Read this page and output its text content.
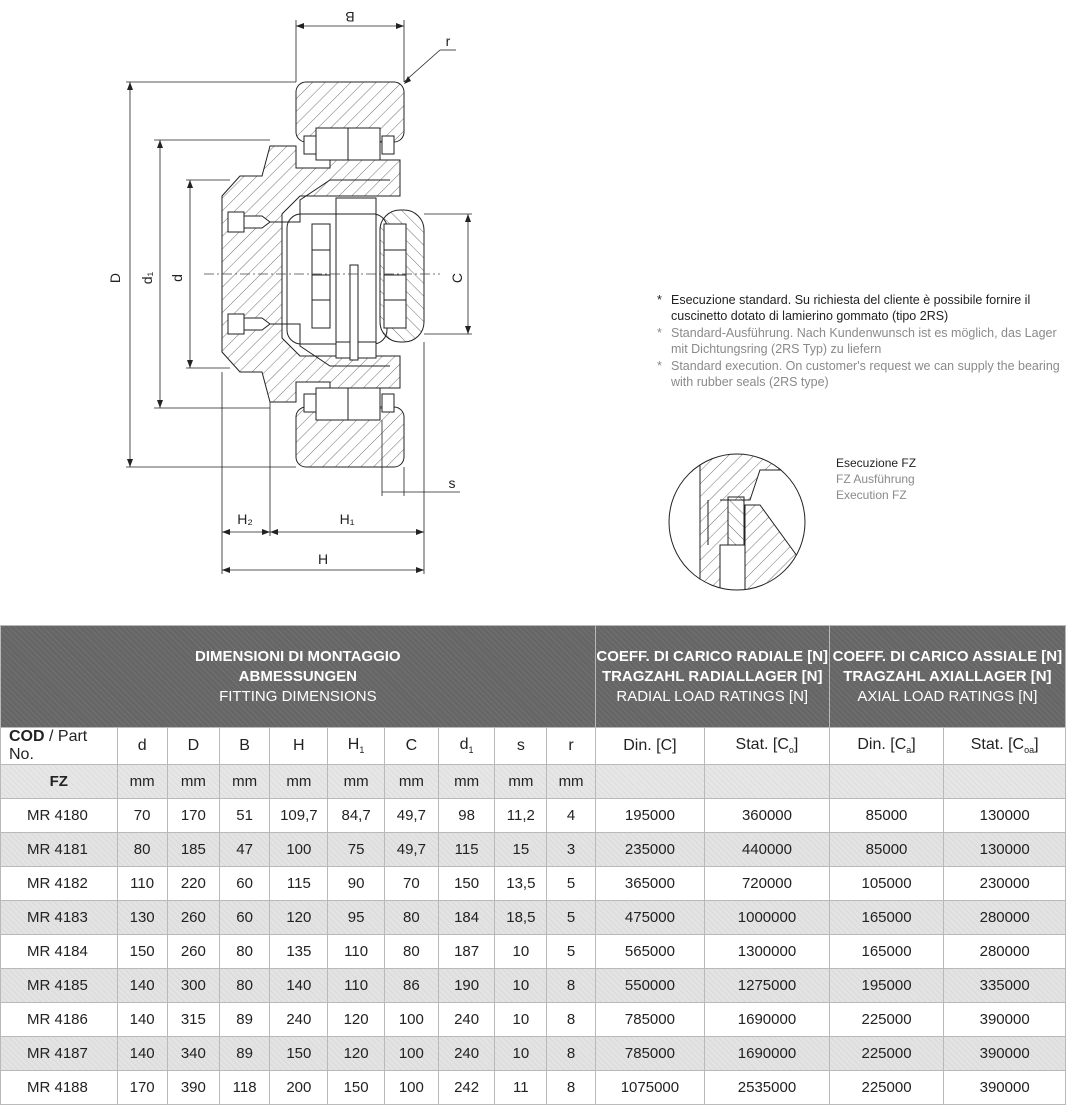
B
r
D d₁ d	C
s
H₂	H₁
H
* Esecuzione standard. Su richiesta del cliente è possibile fornire il cuscinetto dotato di lamierino gommato (tipo 2RS)
* Standard-Ausführung. Nach Kundenwunsch ist es möglich, das Lager mit Dichtungsring (2RS Typ) zu liefern
* Standard execution. On customer's request we can supply the bearing with rubber seals (2RS type)
Esecuzione FZ
FZ Ausführung
Execution FZ
DIMENSIONI DI MONTAGGIO
ABMESSUNGEN
FITTING DIMENSIONS										COEFF. DI CARICO RADIALE [N]
TRAGZAHL RADIALLAGER [N]
RADIAL LOAD RATINGS [N]		COEFF. DI CARICO ASSIALE [N]
TRAGZAHL AXIALLAGER [N]
AXIAL LOAD RATINGS [N]	

COD / Part No.	d	D	B	H	$H_1$	C	$d_1$	s	r	Din. [C]	Stat. $[C_o]$	Din. $[C_a]$	Stat. $[C_{oa}]$
FZ	mm	mm	mm	mm	mm	mm	mm	mm	mm				
MR 4180	70	170	51	109,7	84,7	49,7	98	11,2	4	195000	360000	85000	130000
MR 4181	80	185	47	100	75	49,7	115	15	3	235000	440000	85000	130000
MR 4182	110	220	60	115	90	70	150	13,5	5	365000	720000	105000	230000
MR 4183	130	260	60	120	95	80	184	18,5	5	475000	1000000	165000	280000
MR 4184	150	260	80	135	110	80	187	10	5	565000	1300000	165000	280000
MR 4185	140	300	80	140	110	86	190	10	8	550000	1275000	195000	335000
MR 4186	140	315	89	240	120	100	240	10	8	785000	1690000	225000	390000
MR 4187	140	340	89	150	120	100	240	10	8	785000	1690000	225000	390000
MR 4188	170	390	118	200	150	100	242	11	8	1075000	2535000	225000	390000
